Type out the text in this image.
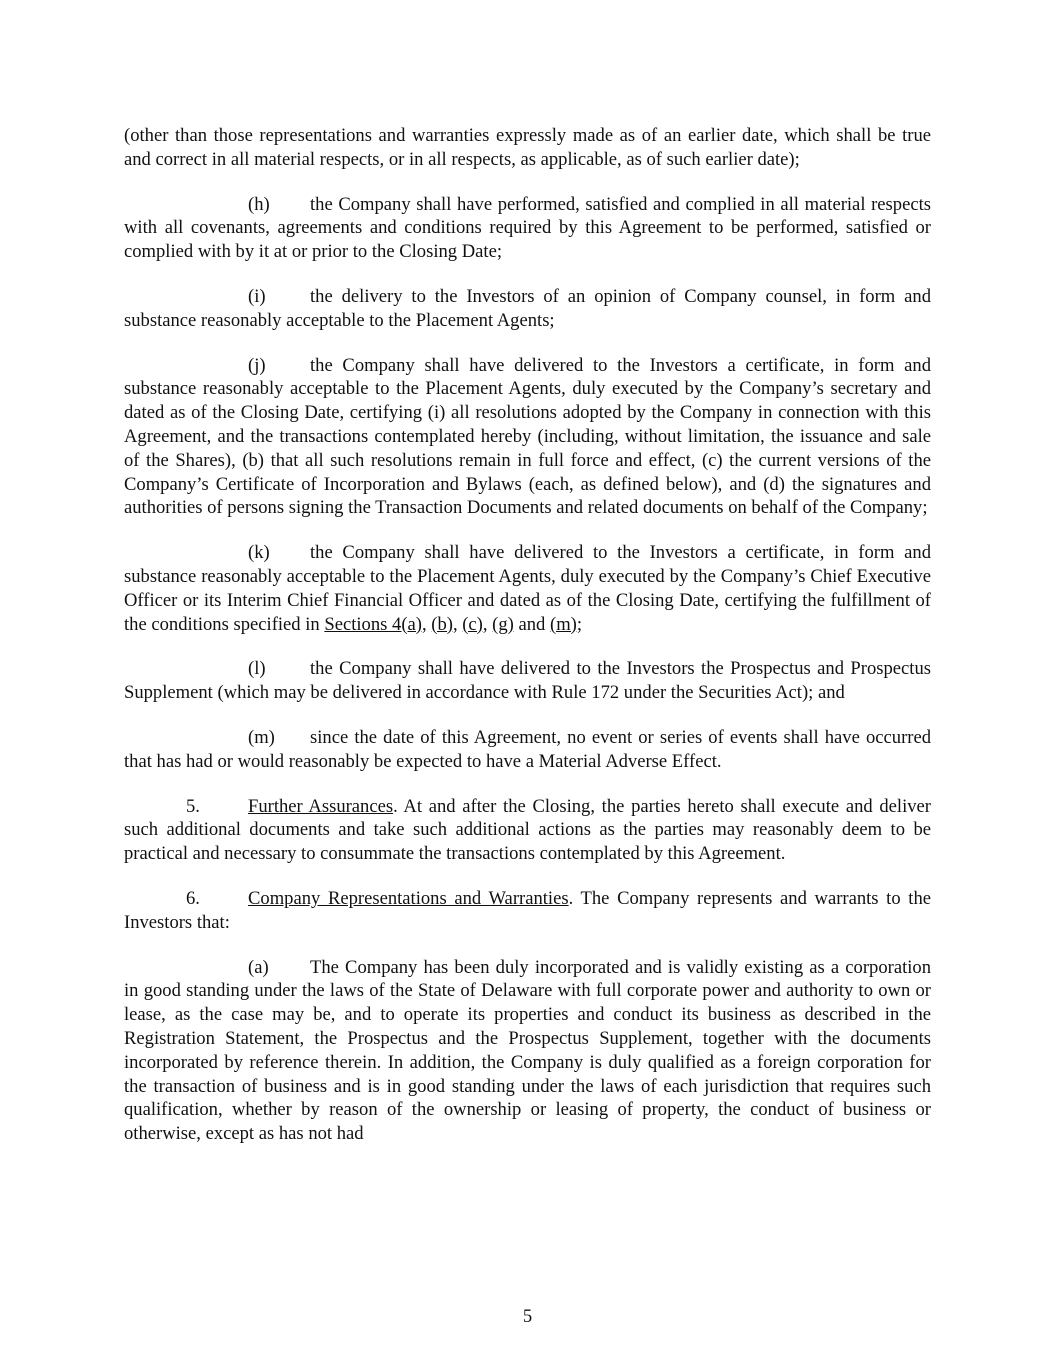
(other than those representations and warranties expressly made as of an earlier date, which shall be true and correct in all material respects, or in all respects, as applicable, as of such earlier date);

(h) the Company shall have performed, satisfied and complied in all material respects with all covenants, agreements and conditions required by this Agreement to be performed, satisfied or complied with by it at or prior to the Closing Date;

(i) the delivery to the Investors of an opinion of Company counsel, in form and substance reasonably acceptable to the Placement Agents;

(j) the Company shall have delivered to the Investors a certificate, in form and substance reasonably acceptable to the Placement Agents, duly executed by the Company’s secretary and dated as of the Closing Date, certifying (i) all resolutions adopted by the Company in connection with this Agreement, and the transactions contemplated hereby (including, without limitation, the issuance and sale of the Shares), (b) that all such resolutions remain in full force and effect, (c) the current versions of the Company’s Certificate of Incorporation and Bylaws (each, as defined below), and (d) the signatures and authorities of persons signing the Transaction Documents and related documents on behalf of the Company;

(k) the Company shall have delivered to the Investors a certificate, in form and substance reasonably acceptable to the Placement Agents, duly executed by the Company’s Chief Executive Officer or its Interim Chief Financial Officer and dated as of the Closing Date, certifying the fulfillment of the conditions specified in Sections 4(a), (b), (c), (g) and (m);

(l) the Company shall have delivered to the Investors the Prospectus and Prospectus Supplement (which may be delivered in accordance with Rule 172 under the Securities Act); and

(m) since the date of this Agreement, no event or series of events shall have occurred that has had or would reasonably be expected to have a Material Adverse Effect.

5.	Further Assurances. At and after the Closing, the parties hereto shall execute and deliver such additional documents and take such additional actions as the parties may reasonably deem to be practical and necessary to consummate the transactions contemplated by this Agreement.

6.	Company Representations and Warranties. The Company represents and warrants to the Investors that:

(a) The Company has been duly incorporated and is validly existing as a corporation in good standing under the laws of the State of Delaware with full corporate power and authority to own or lease, as the case may be, and to operate its properties and conduct its business as described in the Registration Statement, the Prospectus and the Prospectus Supplement, together with the documents incorporated by reference therein. In addition, the Company is duly qualified as a foreign corporation for the transaction of business and is in good standing under the laws of each jurisdiction that requires such qualification, whether by reason of the ownership or leasing of property, the conduct of business or otherwise, except as has not had

5
